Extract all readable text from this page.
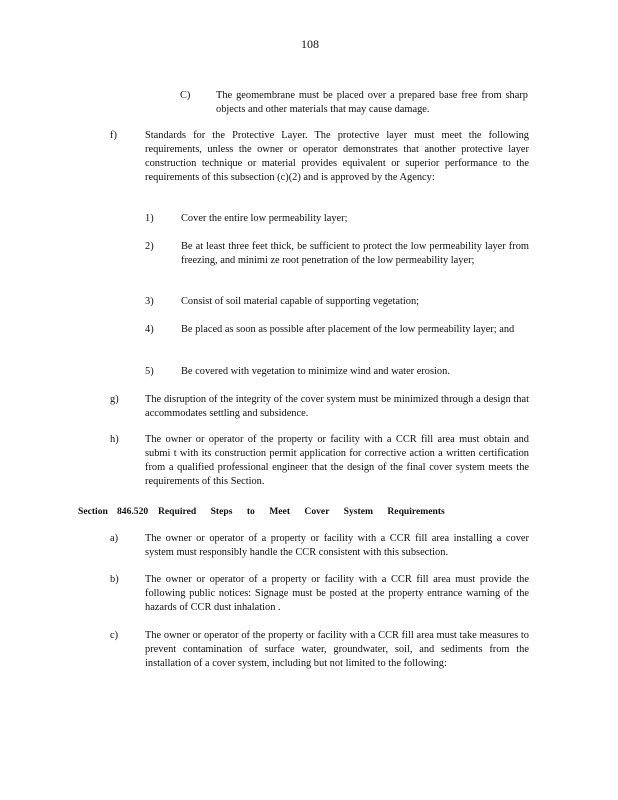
108
C) The geomembrane must be placed over a prepared base free from sharp objects and other materials that may cause damage.
f)	Standards for the Protective Layer. The protective layer must meet the following requirements, unless the owner or operator demonstrates that another protective layer construction technique or material provides equivalent or superior performance to the requirements of this subsection (c)(2) and is approved by the Agency:
1)	Cover the entire low permeability layer;
2)	Be at least three feet thick, be sufficient to protect the low permeability layer from freezing, and minimi ze root penetration of the low permeability layer;
3)	Consist of soil material capable of supporting vegetation;
4)	Be placed as soon as possible after placement of the low permeability layer; and
5)	Be covered with vegetation to minimize wind and water erosion.
g)	The disruption of the integrity of the cover system must be minimized through a design that accommodates settling and subsidence.
h)	The owner or operator of the property or facility with a CCR fill area must obtain and submi t with its construction permit application for corrective action a written certification from a qualified professional engineer that the design of the final cover system meets the requirements of this Section.
Section 846.520 Required Steps to Meet Cover System Requirements
a)	The owner or operator of a property or facility with a CCR fill area installing a cover system must responsibly handle the CCR consistent with this subsection.
b)	The owner or operator of a property or facility with a CCR fill area must provide the following public notices: Signage must be posted at the property entrance warning of the hazards of CCR dust inhalation .
c)	The owner or operator of the property or facility with a CCR fill area must take measures to prevent contamination of surface water, groundwater, soil, and sediments from the installation of a cover system, including but not limited to the following:
